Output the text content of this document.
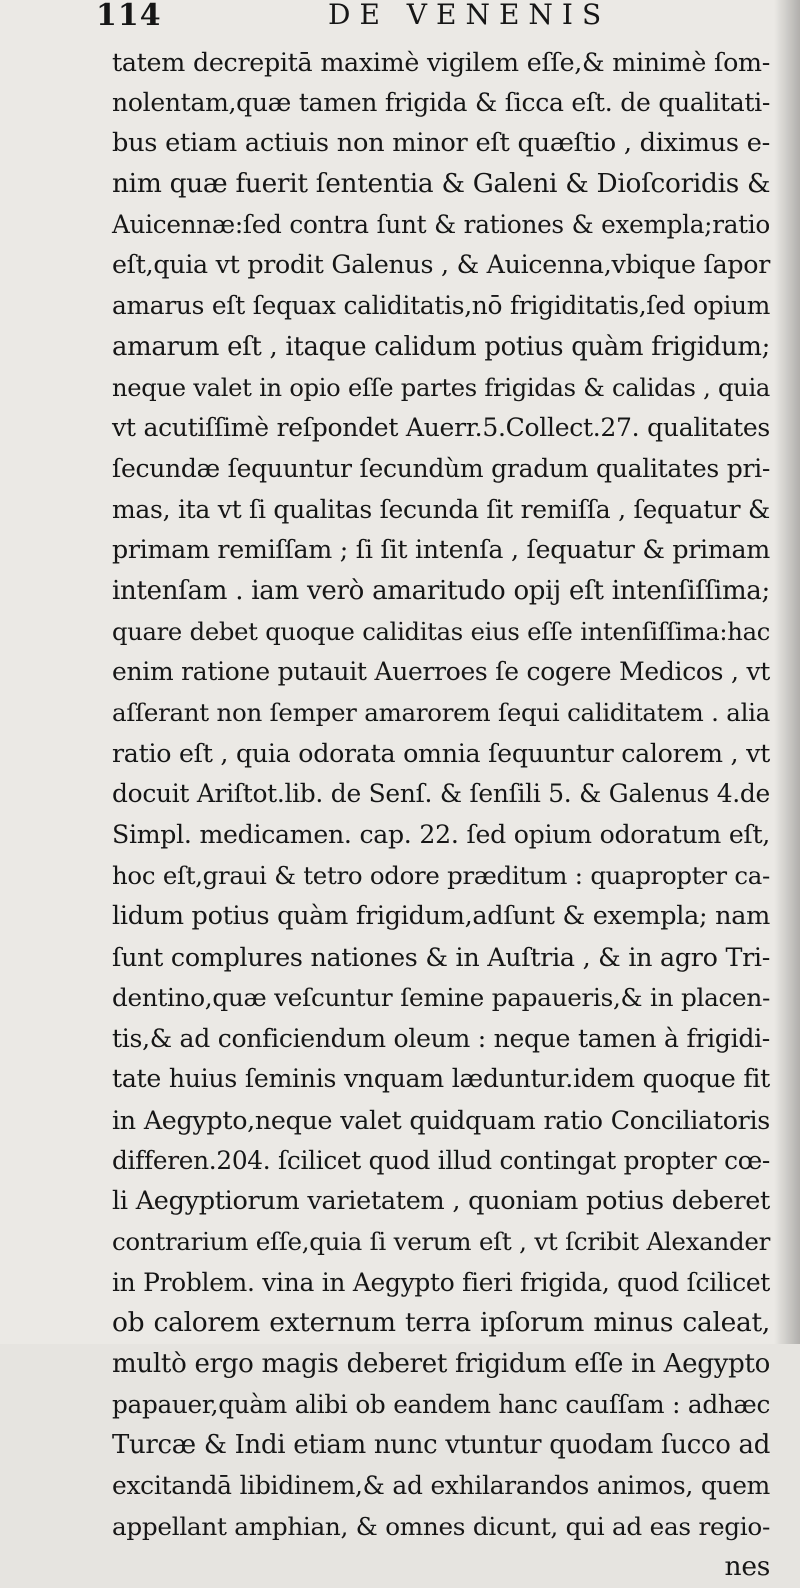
114	DE VENENIS
tatem decrepitā maximè vigilem eſſe,& minimè ſom-
nolentam,quæ tamen frigida & ſicca eſt. de qualitati-
bus etiam actiuis non minor eſt quæſtio , diximus e-
nim quæ fuerit ſententia & Galeni & Dioſcoridis &
Auicennæ:ſed contra ſunt & rationes & exempla;ratio
eſt,quia vt prodit Galenus , & Auicenna,vbique ſapor
amarus eſt ſequax caliditatis,nō frigiditatis,ſed opium
amarum eſt , itaque calidum potius quàm frigidum;
neque valet in opio eſſe partes frigidas & calidas , quia
vt acutiſſimè reſpondet Auerr.5.Collect.27. qualitates
ſecundæ ſequuntur ſecundùm gradum qualitates pri-
mas, ita vt ſi qualitas ſecunda ſit remiſſa , ſequatur &
primam remiſſam ; ſi ſit intenſa , ſequatur & primam
intenſam . iam verò amaritudo opij eſt intenſiſſima;
quare debet quoque caliditas eius eſſe intenſiſſima:hac
enim ratione putauit Auerroes ſe cogere Medicos , vt
aſſerant non ſemper amarorem ſequi caliditatem . alia
ratio eſt , quia odorata omnia ſequuntur calorem , vt
docuit Ariſtot.lib. de Senſ. & ſenſili 5. & Galenus 4.de
Simpl. medicamen. cap. 22. ſed opium odoratum eſt,
hoc eſt,graui & tetro odore præditum : quapropter ca-
lidum potius quàm frigidum,adſunt & exempla; nam
ſunt complures nationes & in Auſtria , & in agro Tri-
dentino,quæ veſcuntur ſemine papaueris,& in placen-
tis,& ad conficiendum oleum : neque tamen à frigidi-
tate huius ſeminis vnquam læduntur.idem quoque fit
in Aegypto,neque valet quidquam ratio Conciliatoris
differen.204. ſcilicet quod illud contingat propter cœ-
li Aegyptiorum varietatem , quoniam potius deberet
contrarium eſſe,quia ſi verum eſt , vt ſcribit Alexander
in Problem. vina in Aegypto fieri frigida, quod ſcilicet
ob calorem externum terra ipſorum minus caleat,
multò ergo magis deberet frigidum eſſe in Aegypto
papauer,quàm alibi ob eandem hanc cauſſam : adhæc
Turcæ & Indi etiam nunc vtuntur quodam ſucco ad
excitandā libidinem,& ad exhilarandos animos, quem
appellant amphian, & omnes dicunt, qui ad eas regio-
nes
